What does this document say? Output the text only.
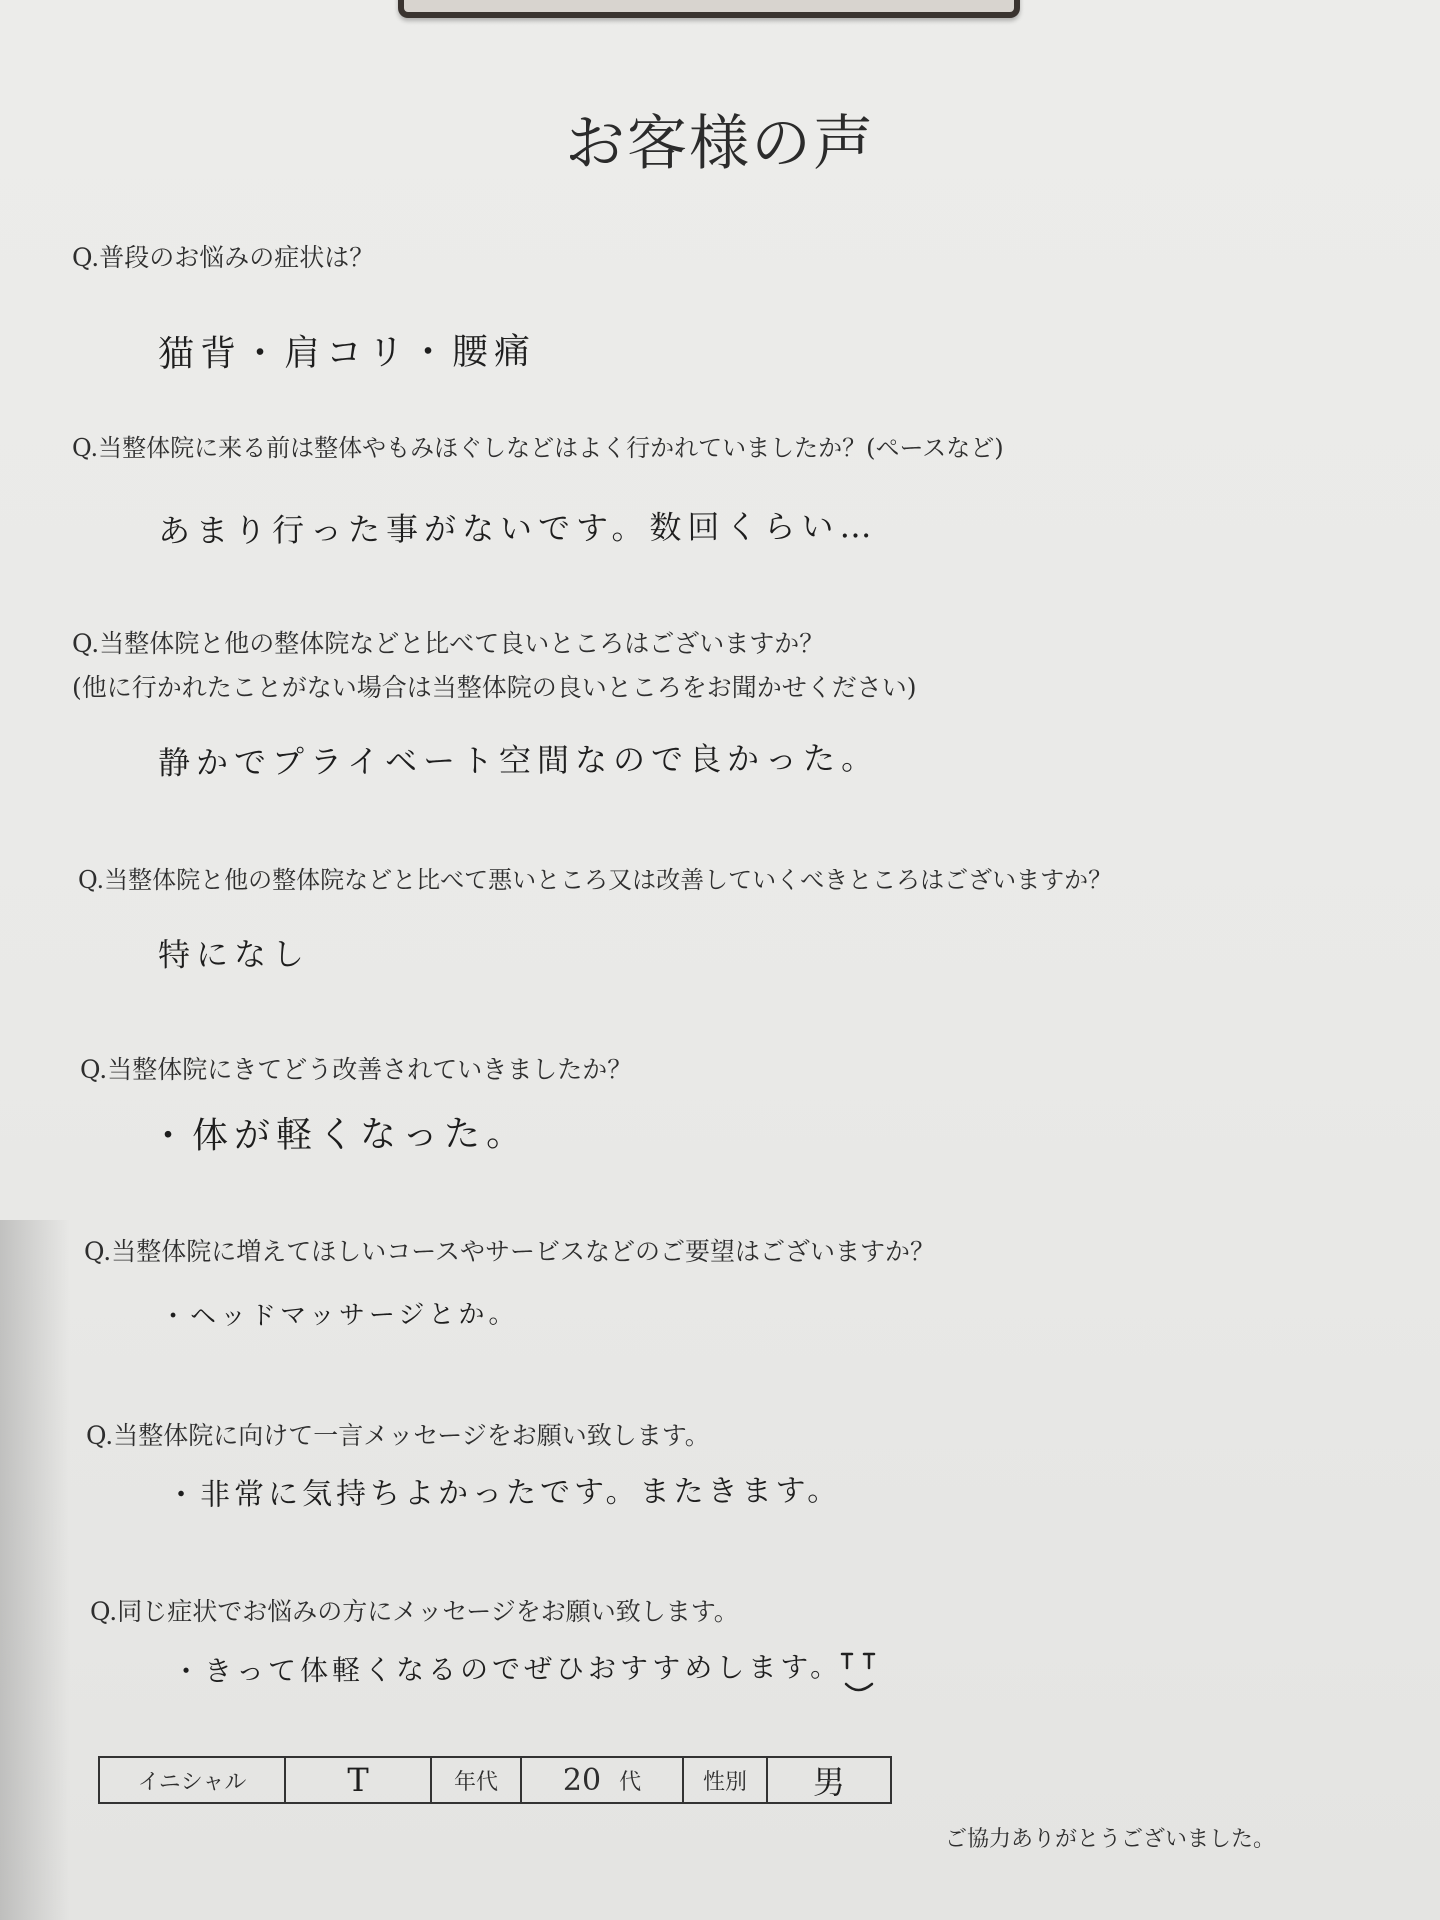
お客様の声
Q.普段のお悩みの症状は？
猫背・肩コリ・腰痛
Q.当整体院に来る前は整体やもみほぐしなどはよく行かれていましたか？(ペースなど)
あまり行った事がないです。数回くらい…
Q.当整体院と他の整体院などと比べて良いところはございますか？
(他に行かれたことがない場合は当整体院の良いところをお聞かせください)
静かでプライベート空間なので良かった。
Q.当整体院と他の整体院などと比べて悪いところ又は改善していくべきところはございますか？
特になし
Q.当整体院にきてどう改善されていきましたか？
・体が軽くなった。
Q.当整体院に増えてほしいコースやサービスなどのご要望はございますか？
・ヘッドマッサージとか。
Q.当整体院に向けて一言メッセージをお願い致します。
・非常に気持ちよかったです。またきます。
Q.同じ症状でお悩みの方にメッセージをお願い致します。
・きって体軽くなるのでぜひおすすめします。
イニシャル	T	年代	20 代	性別	男
ご協力ありがとうございました。
